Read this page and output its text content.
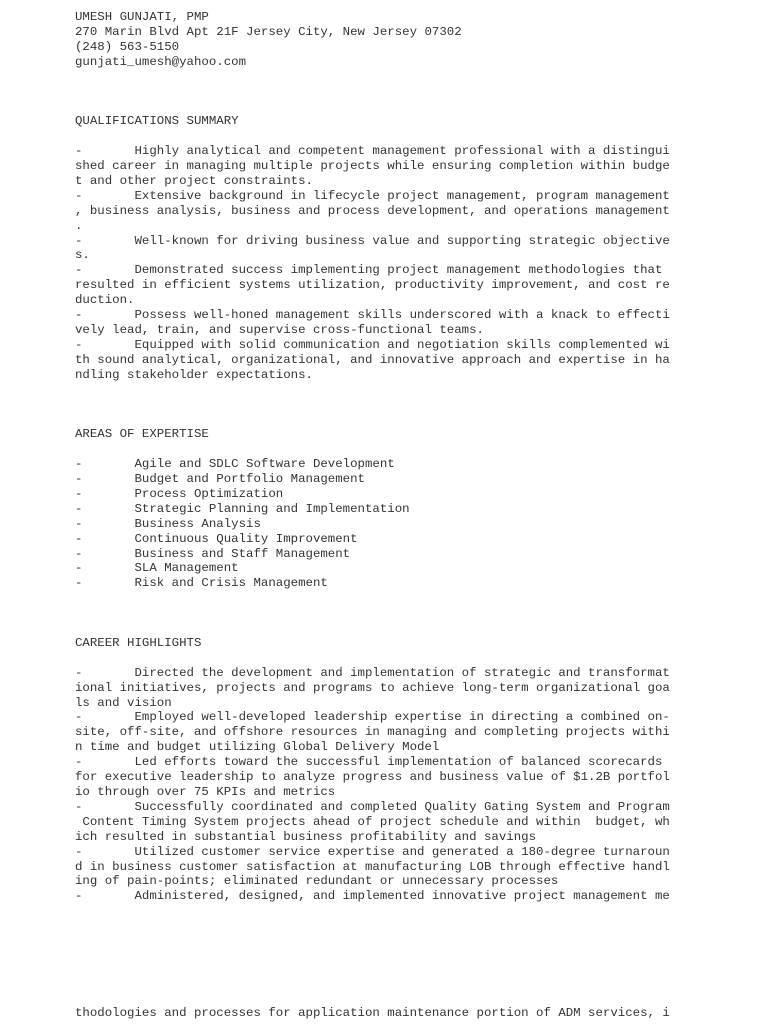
UMESH GUNJATI, PMP
270 Marin Blvd Apt 21F Jersey City, New Jersey 07302
(248) 563-5150
gunjati_umesh@yahoo.com
QUALIFICATIONS SUMMARY
-       Highly analytical and competent management professional with a distingui
shed career in managing multiple projects while ensuring completion within budge
t and other project constraints.
-       Extensive background in lifecycle project management, program management
, business analysis, business and process development, and operations management
.
-       Well-known for driving business value and supporting strategic objective
s.
-       Demonstrated success implementing project management methodologies that
resulted in efficient systems utilization, productivity improvement, and cost re
duction.
-       Possess well-honed management skills underscored with a knack to effecti
vely lead, train, and supervise cross-functional teams.
-       Equipped with solid communication and negotiation skills complemented wi
th sound analytical, organizational, and innovative approach and expertise in ha
ndling stakeholder expectations.
AREAS OF EXPERTISE
-       Agile and SDLC Software Development
-       Budget and Portfolio Management
-       Process Optimization
-       Strategic Planning and Implementation
-       Business Analysis
-       Continuous Quality Improvement
-       Business and Staff Management
-       SLA Management
-       Risk and Crisis Management
CAREER HIGHLIGHTS
-       Directed the development and implementation of strategic and transformat
ional initiatives, projects and programs to achieve long-term organizational goa
ls and vision
-       Employed well-developed leadership expertise in directing a combined on-
site, off-site, and offshore resources in managing and completing projects withi
n time and budget utilizing Global Delivery Model
-       Led efforts toward the successful implementation of balanced scorecards
for executive leadership to analyze progress and business value of $1.2B portfol
io through over 75 KPIs and metrics
-       Successfully coordinated and completed Quality Gating System and Program
Content Timing System projects ahead of project schedule and within  budget, wh
ich resulted in substantial business profitability and savings
-       Utilized customer service expertise and generated a 180-degree turnaroun
d in business customer satisfaction at manufacturing LOB through effective handl
ing of pain-points; eliminated redundant or unnecessary processes
-       Administered, designed, and implemented innovative project management me
thodologies and processes for application maintenance portion of ADM services, i
